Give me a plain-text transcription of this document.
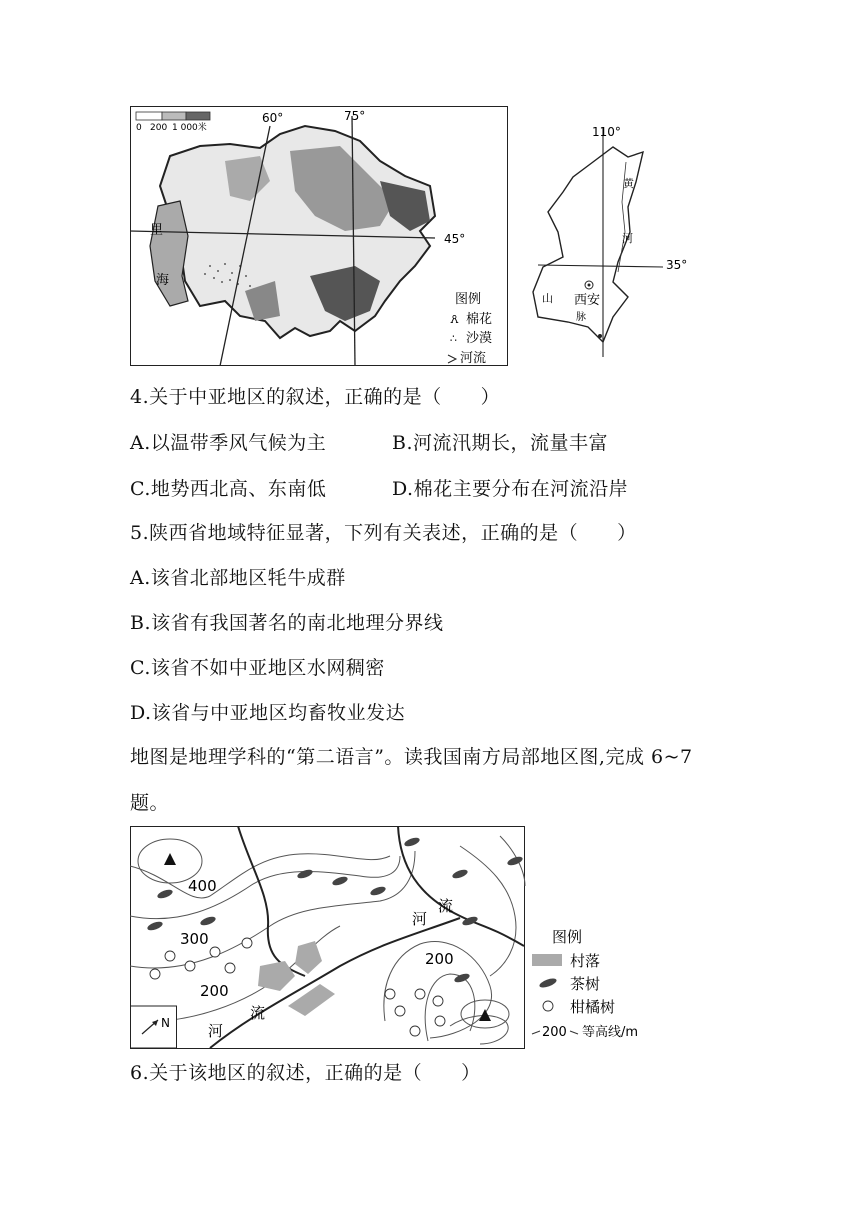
0 200 1 000米
60°	75°
45°
里
海
图例
🜶 棉花
∴ 沙漠
河流
110°
35°
黄
河
西安
山
脉
4.关于中亚地区的叙述，正确的是（　　）
A.以温带季风气候为主	B.河流汛期长，流量丰富
C.地势西北高、东南低	D.棉花主要分布在河流沿岸
5.陕西省地域特征显著，下列有关表述，正确的是（　　）
A.该省北部地区牦牛成群
B.该省有我国著名的南北地理分界线
C.该省不如中亚地区水网稠密
D.该省与中亚地区均畜牧业发达
地图是地理学科的“第二语言”。读我国南方局部地区图,完成 6~7
题。
400
300
200
200
河
流
河
流
N
图例
村落
茶树
柑橘树
200 等高线/m
6.关于该地区的叙述，正确的是（　　）
